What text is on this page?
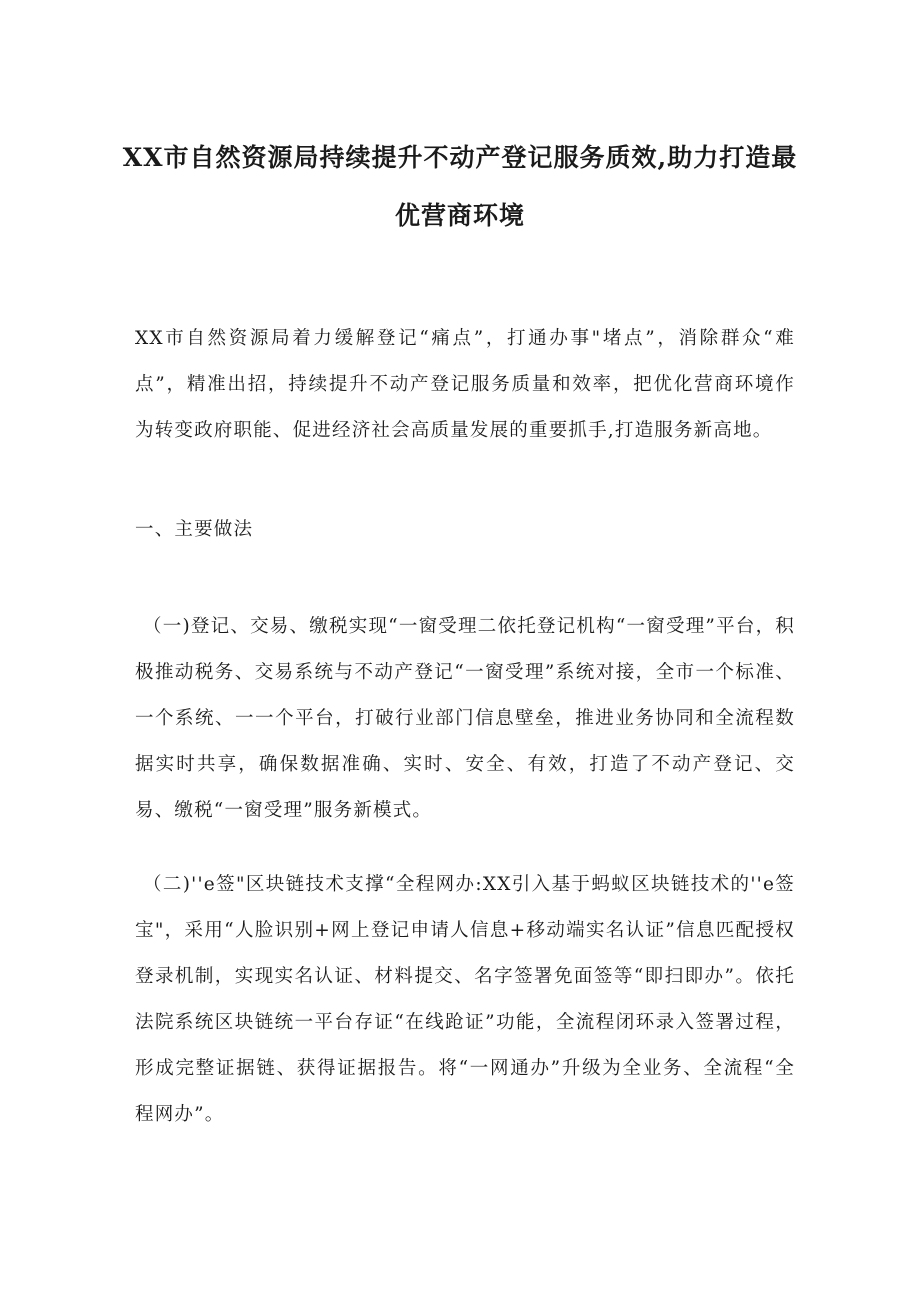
XX市自然资源局持续提升不动产登记服务质效,助力打造最
优营商环境

XX市自然资源局着力缓解登记“痛点”，打通办事"堵点”，消除群众“难点”，精准出招，持续提升不动产登记服务质量和效率，把优化营商环境作为转变政府职能、促进经济社会高质量发展的重要抓手,打造服务新高地。

一、主要做法

（一)登记、交易、缴税实现“一窗受理二依托登记机构“一窗受理”平台，积极推动税务、交易系统与不动产登记“一窗受理”系统对接，全市一个标准、一个系统、一一个平台，打破行业部门信息壁垒，推进业务协同和全流程数据实时共享，确保数据准确、实时、安全、有效，打造了不动产登记、交易、缴税“一窗受理”服务新模式。

（二)''e签"区块链技术支撑“全程网办:XX引入基于蚂蚁区块链技术的''e签宝"，采用“人脸识别+网上登记申请人信息+移动端实名认证”信息匹配授权登录机制，实现实名认证、材料提交、名字签署免面签等“即扫即办”。依托法院系统区块链统一平台存证“在线跄证”功能，全流程闭环录入签署过程，形成完整证据链、获得证据报告。将“一网通办”升级为全业务、全流程“全程网办”。
